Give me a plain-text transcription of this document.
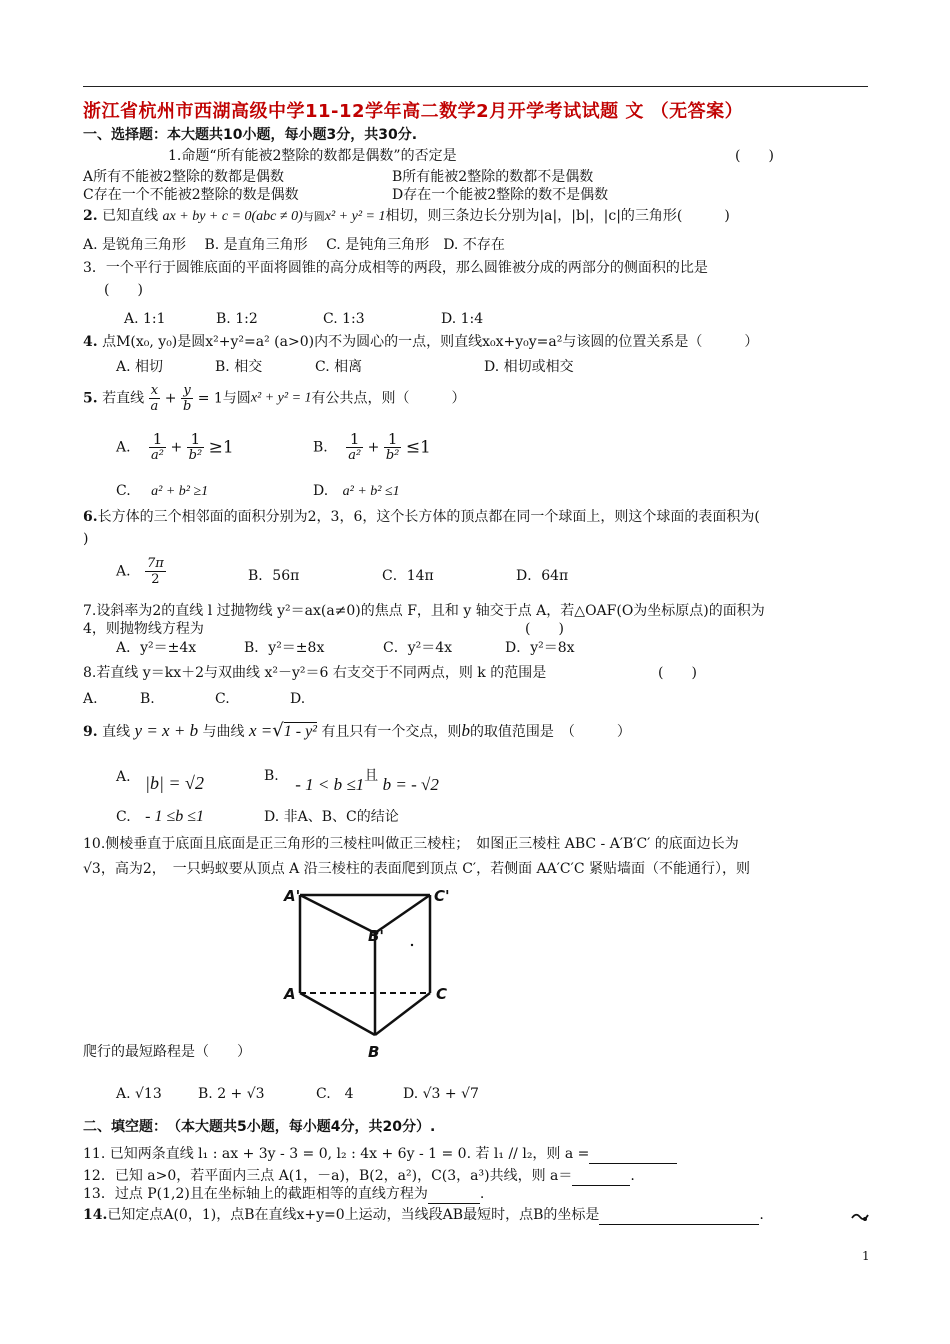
浙江省杭州市西湖高级中学11-12学年高二数学2月开学考试试题 文 （无答案）
一、选择题：本大题共10小题，每小题3分，共30分.
1.命题“所有能被2整除的数都是偶数”的否定是	(　　)
A所有不能被2整除的数都是偶数	B所有能被2整除的数都不是偶数
C存在一个不能被2整除的数是偶数	D存在一个能被2整除的数不是偶数
2. 已知直线 ax + by + c = 0(abc ≠ 0)与圆x² + y² = 1相切，则三条边长分别为|a|，|b|，|c|的三角形(　　　)
A. 是锐角三角形　 B. 是直角三角形　 C. 是钝角三角形　D. 不存在
3．一个平行于圆锥底面的平面将圆锥的高分成相等的两段，那么圆锥被分成的两部分的侧面积的比是
(　　)
A. 1:1	B. 1:2	C. 1:3	D. 1:4
4. 点M(x₀, y₀)是圆x²+y²=a² (a>0)内不为圆心的一点，则直线x₀x+y₀y=a²与该圆的位置关系是（　　　）
A. 相切	B. 相交	C. 相离	D. 相切或相交
5. 若直线 $\frac{x}{a} + \frac{y}{b} = 1$与圆x² + y² = 1有公共点，则（　　　）
A. $\frac{1}{\text{a²}} + \frac{1}{\text{b²}} \ge 1$	B. $\frac{1}{\text{a²}} + \frac{1}{\text{b²}} \le 1$
C. a² + b² ≥1	D. a² + b² ≤1
6.长方体的三个相邻面的面积分别为2，3，6，这个长方体的顶点都在同一个球面上，则这个球面的表面积为(
)
A. $\frac{7\pi}{2}$	B．56π	C．14π	D．64π
7.设斜率为2的直线 l 过抛物线 y²＝ax(a≠0)的焦点 F，且和 y 轴交于点 A，若△OAF(O为坐标原点)的面积为
4，则抛物线方程为	(　　)
A．y²＝±4x	B．y²＝±8x	C．y²＝4x	D．y²＝8x
8.若直线 y＝kx＋2与双曲线 x²－y²＝6 右支交于不同两点，则 k 的范围是	(　　)
A.	B.	C.	D.
9. 直线 y = x + b 与曲线 x =√1 - y² 有且只有一个交点，则b的取值范围是　（　　　）
A. |b| = √2	B. - 1 < b ≤1且 b = - √2
C. - 1 ≤b ≤1	D. 非A、B、C的结论
10.侧棱垂直于底面且底面是正三角形的三棱柱叫做正三棱柱；　如图正三棱柱 ABC - A′B′C′ 的底面边长为
√3，高为2，　一只蚂蚁要从顶点 A 沿三棱柱的表面爬到顶点 C′，若侧面 AA′C′C 紧贴墙面（不能通行），则
A'	C'
B'
A	C
B
爬行的最短路程是（　　）
A. √13	B. 2 + √3	C.　4	D. √3 + √7
二、填空题：　（本大题共5小题，每小题4分，共20分）.
11. 已知两条直线 l₁ : ax + 3y - 3 = 0, l₂ : 4x + 6y - 1 = 0. 若 l₁ // l₂，则 a =
12．已知 a>0，若平面内三点 A(1，－a)，B(2，a²)，C(3，a³)共线，则 a＝	.
13．过点 P(1,2)且在坐标轴上的截距相等的直线方程为	.
14.已知定点A(0，1)，点B在直线x+y=0上运动，当线段AB最短时，点B的坐标是	.
1
